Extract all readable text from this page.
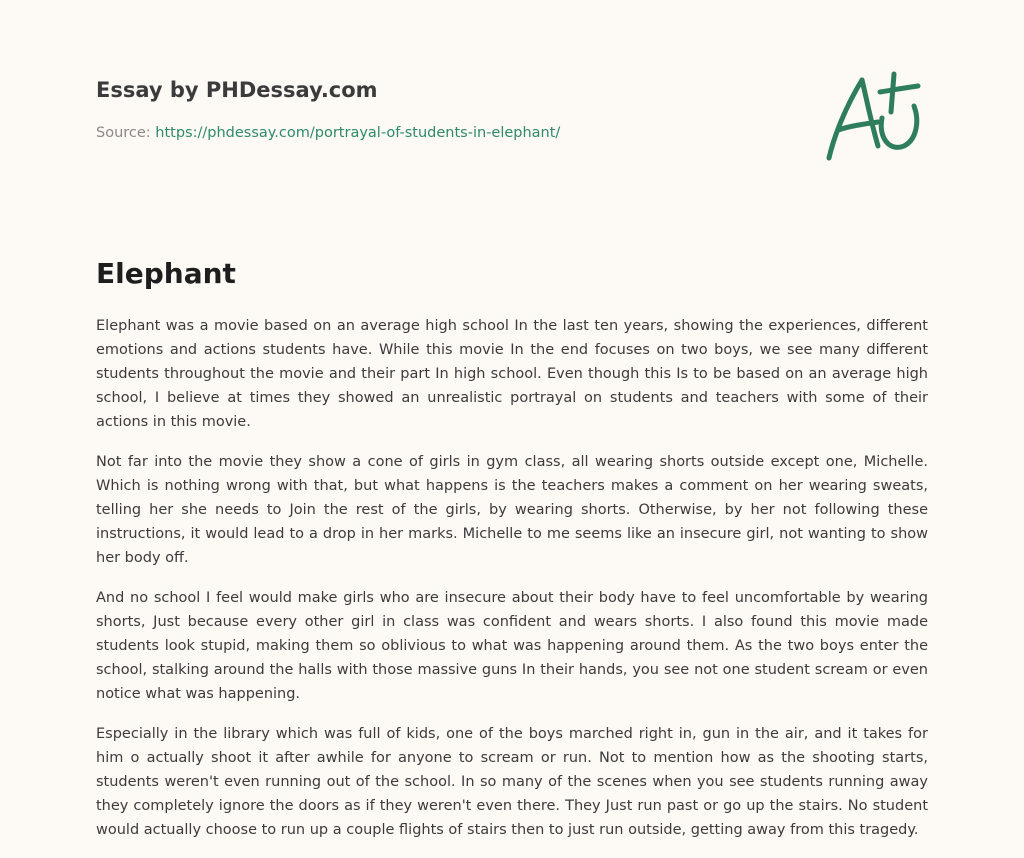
Essay by PHDessay.com
Source: https://phdessay.com/portrayal-of-students-in-elephant/
Elephant

Elephant was a movie based on an average high school In the last ten years, showing the experiences, different emotions and actions students have. While this movie In the end focuses on two boys, we see many different students throughout the movie and their part In high school. Even though this Is to be based on an average high school, I believe at times they showed an unrealistic portrayal on students and teachers with some of their actions in this movie.

Not far into the movie they show a cone of girls in gym class, all wearing shorts outside except one, Michelle. Which is nothing wrong with that, but what happens is the teachers makes a comment on her wearing sweats, telling her she needs to Join the rest of the girls, by wearing shorts. Otherwise, by her not following these instructions, it would lead to a drop in her marks. Michelle to me seems like an insecure girl, not wanting to show her body off.

And no school I feel would make girls who are insecure about their body have to feel uncomfortable by wearing shorts, Just because every other girl in class was confident and wears shorts. I also found this movie made students look stupid, making them so oblivious to what was happening around them. As the two boys enter the school, stalking around the halls with those massive guns In their hands, you see not one student scream or even notice what was happening.

Especially in the library which was full of kids, one of the boys marched right in, gun in the air, and it takes for him o actually shoot it after awhile for anyone to scream or run. Not to mention how as the shooting starts, students weren't even running out of the school. In so many of the scenes when you see students running away they completely ignore the doors as if they weren't even there. They Just run past or go up the stairs. No student would actually choose to run up a couple flights of stairs then to just run outside, getting away from this tragedy.
